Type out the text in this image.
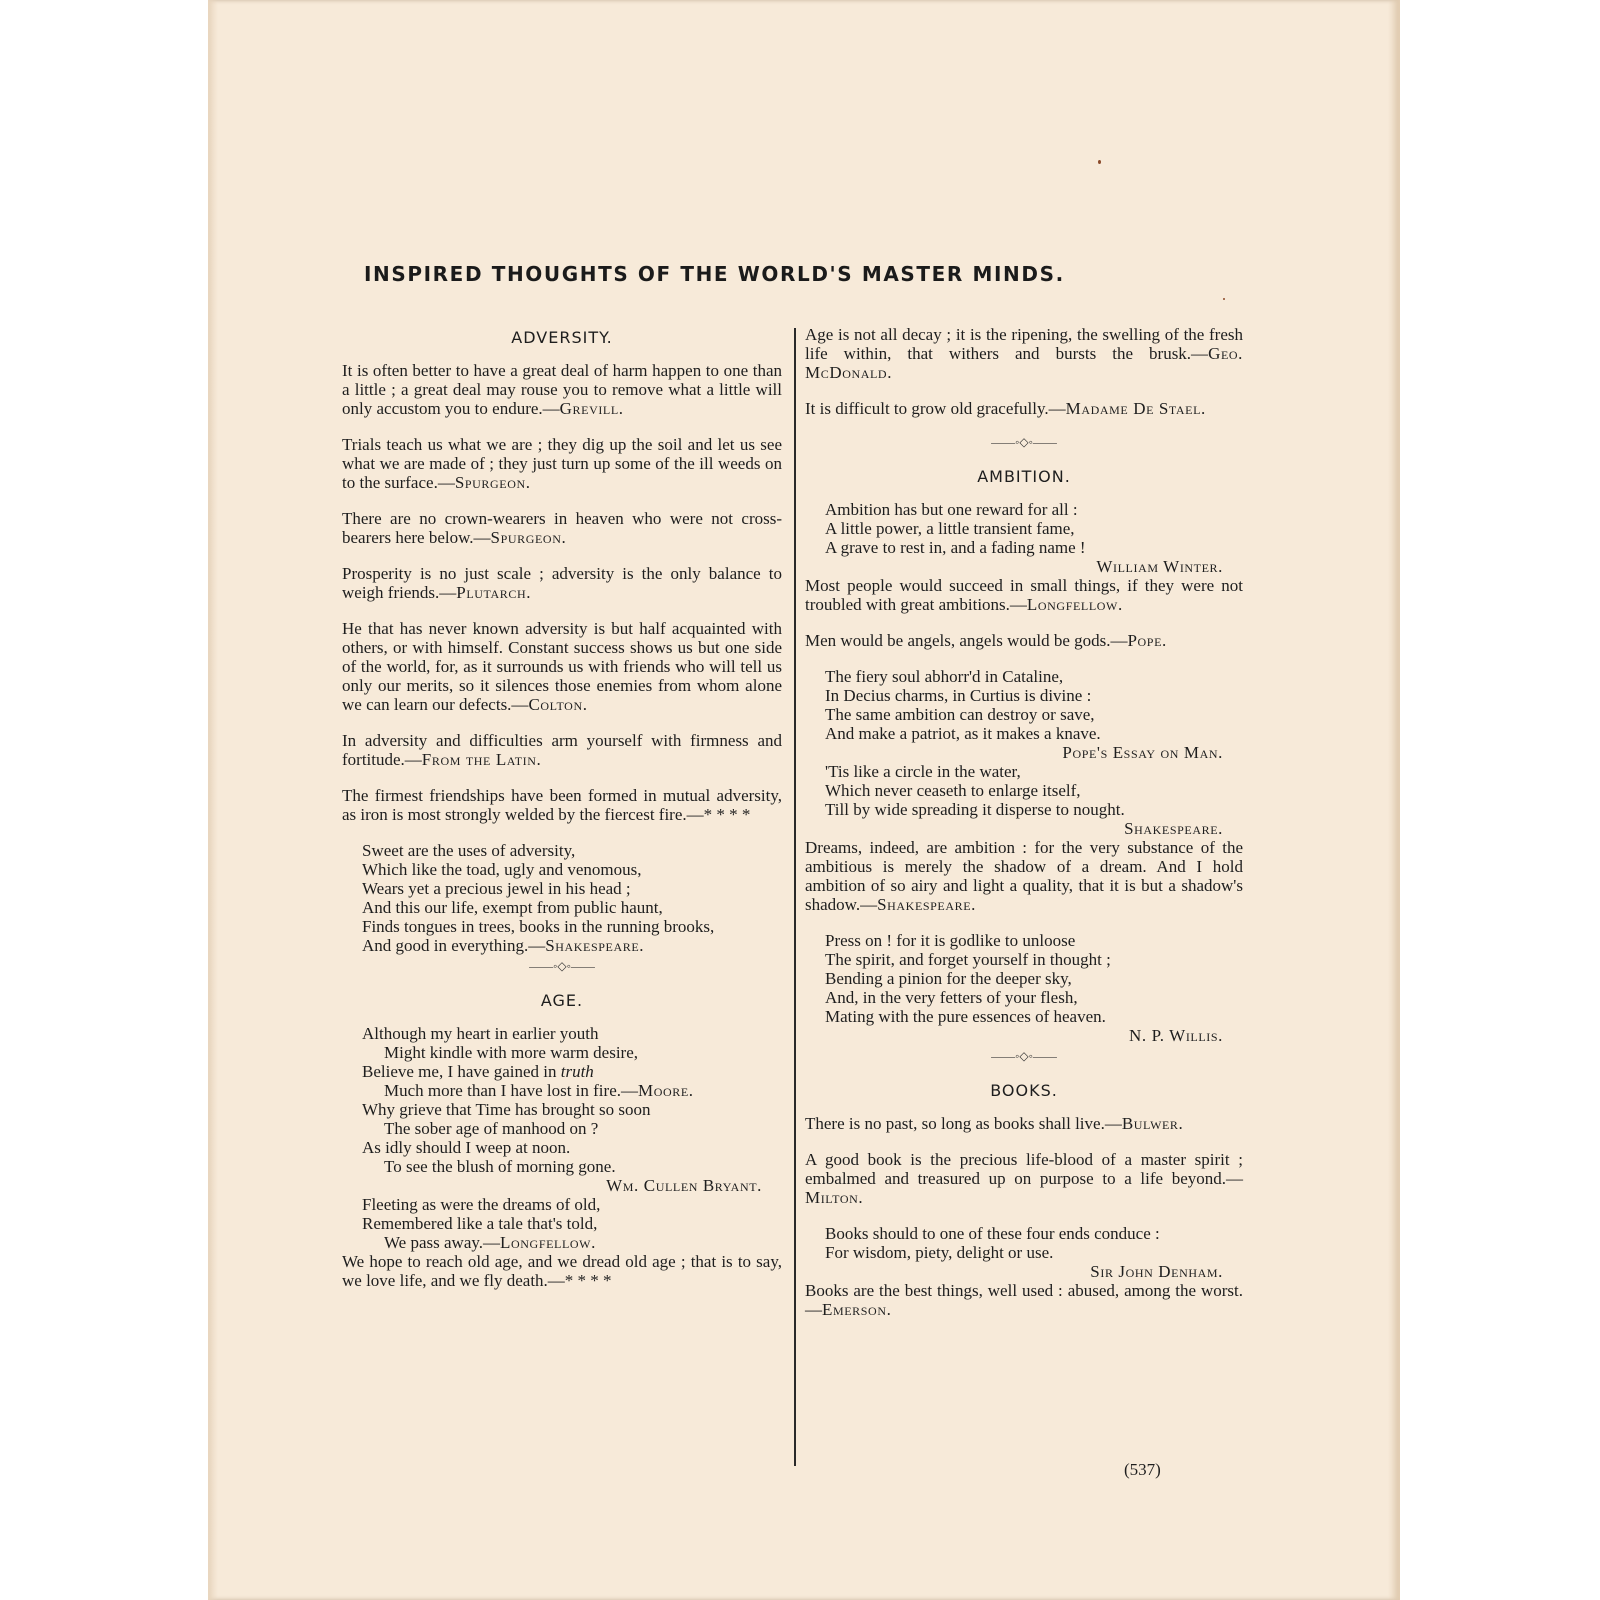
INSPIRED THOUGHTS OF THE WORLD'S MASTER MINDS.
ADVERSITY.

It is often better to have a great deal of harm happen to one than a little ; a great deal may rouse you to remove what a little will only accustom you to endure.—Grevill.

Trials teach us what we are ; they dig up the soil and let us see what we are made of ; they just turn up some of the ill weeds on to the surface.—Spurgeon.

There are no crown-wearers in heaven who were not cross-bearers here below.—Spurgeon.

Prosperity is no just scale ; adversity is the only balance to weigh friends.—Plutarch.

He that has never known adversity is but half acquainted with others, or with himself. Constant success shows us but one side of the world, for, as it surrounds us with friends who will tell us only our merits, so it silences those enemies from whom alone we can learn our defects.—Colton.

In adversity and difficulties arm yourself with firmness and fortitude.—From the Latin.

The firmest friendships have been formed in mutual adversity, as iron is most strongly welded by the fiercest fire.—* * * *

Sweet are the uses of adversity,
Which like the toad, ugly and venomous,
Wears yet a precious jewel in his head ;
And this our life, exempt from public haunt,
Finds tongues in trees, books in the running brooks,
And good in everything.—Shakespeare.
——◦◇◦——
AGE.
Although my heart in earlier youth
Might kindle with more warm desire,
Believe me, I have gained in truth
Much more than I have lost in fire.—Moore.
Why grieve that Time has brought so soon
The sober age of manhood on ?
As idly should I weep at noon.
To see the blush of morning gone.
Wm. Cullen Bryant.
Fleeting as were the dreams of old,
Remembered like a tale that's told,
We pass away.—Longfellow.

We hope to reach old age, and we dread old age ; that is to say, we love life, and we fly death.—* * * *

Age is not all decay ; it is the ripening, the swelling of the fresh life within, that withers and bursts the brusk.—Geo. McDonald.

It is difficult to grow old gracefully.—Madame De Stael.

——◦◇◦——
AMBITION.
Ambition has but one reward for all :
A little power, a little transient fame,
A grave to rest in, and a fading name !
William Winter.

Most people would succeed in small things, if they were not troubled with great ambitions.—Longfellow.

Men would be angels, angels would be gods.—Pope.

The fiery soul abhorr'd in Cataline,
In Decius charms, in Curtius is divine :
The same ambition can destroy or save,
And make a patriot, as it makes a knave.
Pope's Essay on Man.
'Tis like a circle in the water,
Which never ceaseth to enlarge itself,
Till by wide spreading it disperse to nought.
Shakespeare.

Dreams, indeed, are ambition : for the very substance of the ambitious is merely the shadow of a dream. And I hold ambition of so airy and light a quality, that it is but a shadow's shadow.—Shakespeare.

Press on ! for it is godlike to unloose
The spirit, and forget yourself in thought ;
Bending a pinion for the deeper sky,
And, in the very fetters of your flesh,
Mating with the pure essences of heaven.
N. P. Willis.
——◦◇◦——
BOOKS.

There is no past, so long as books shall live.—Bulwer.

A good book is the precious life-blood of a master spirit ; embalmed and treasured up on purpose to a life beyond.—Milton.

Books should to one of these four ends conduce :
For wisdom, piety, delight or use.
Sir John Denham.

Books are the best things, well used : abused, among the worst.—Emerson.

(537)
